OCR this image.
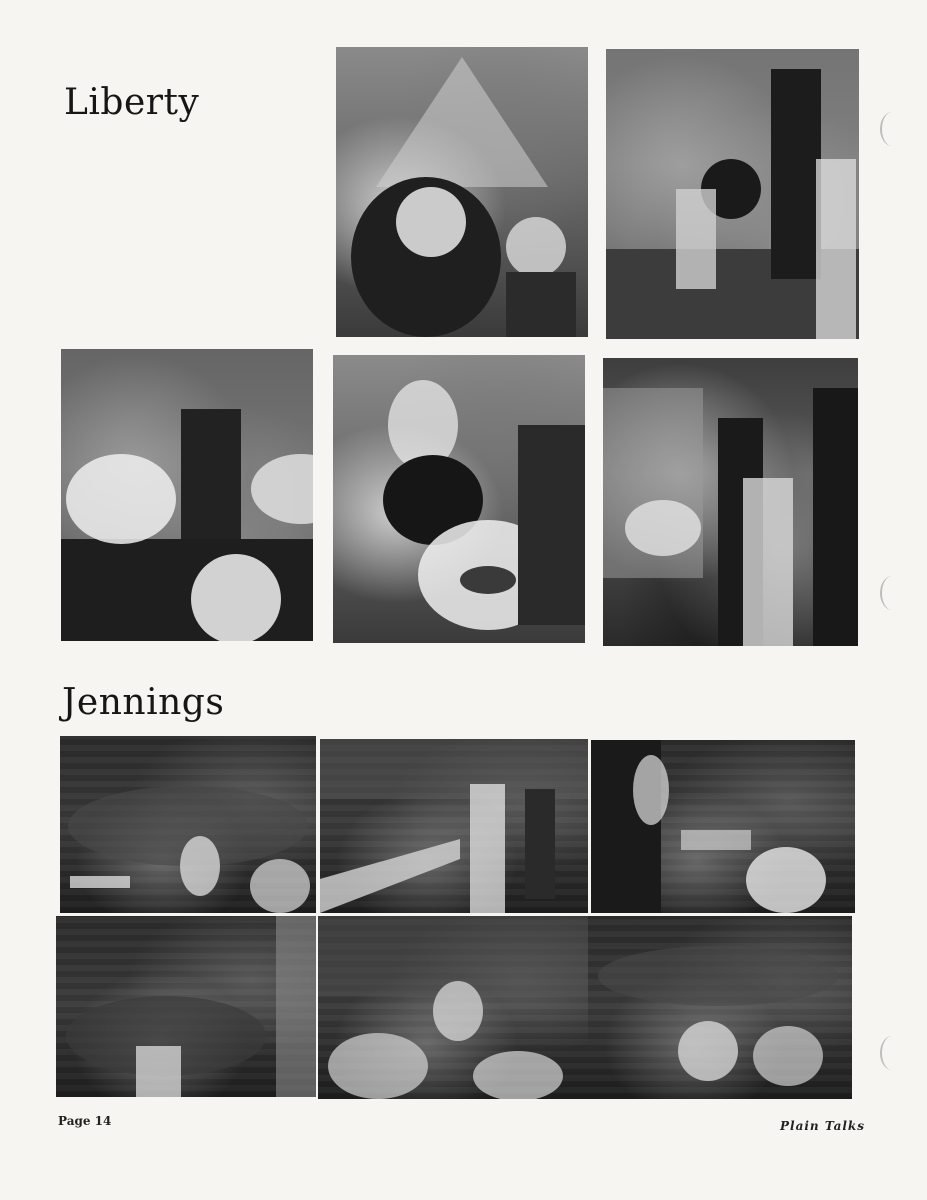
Liberty
Jennings

Page 14	Plain Talks
